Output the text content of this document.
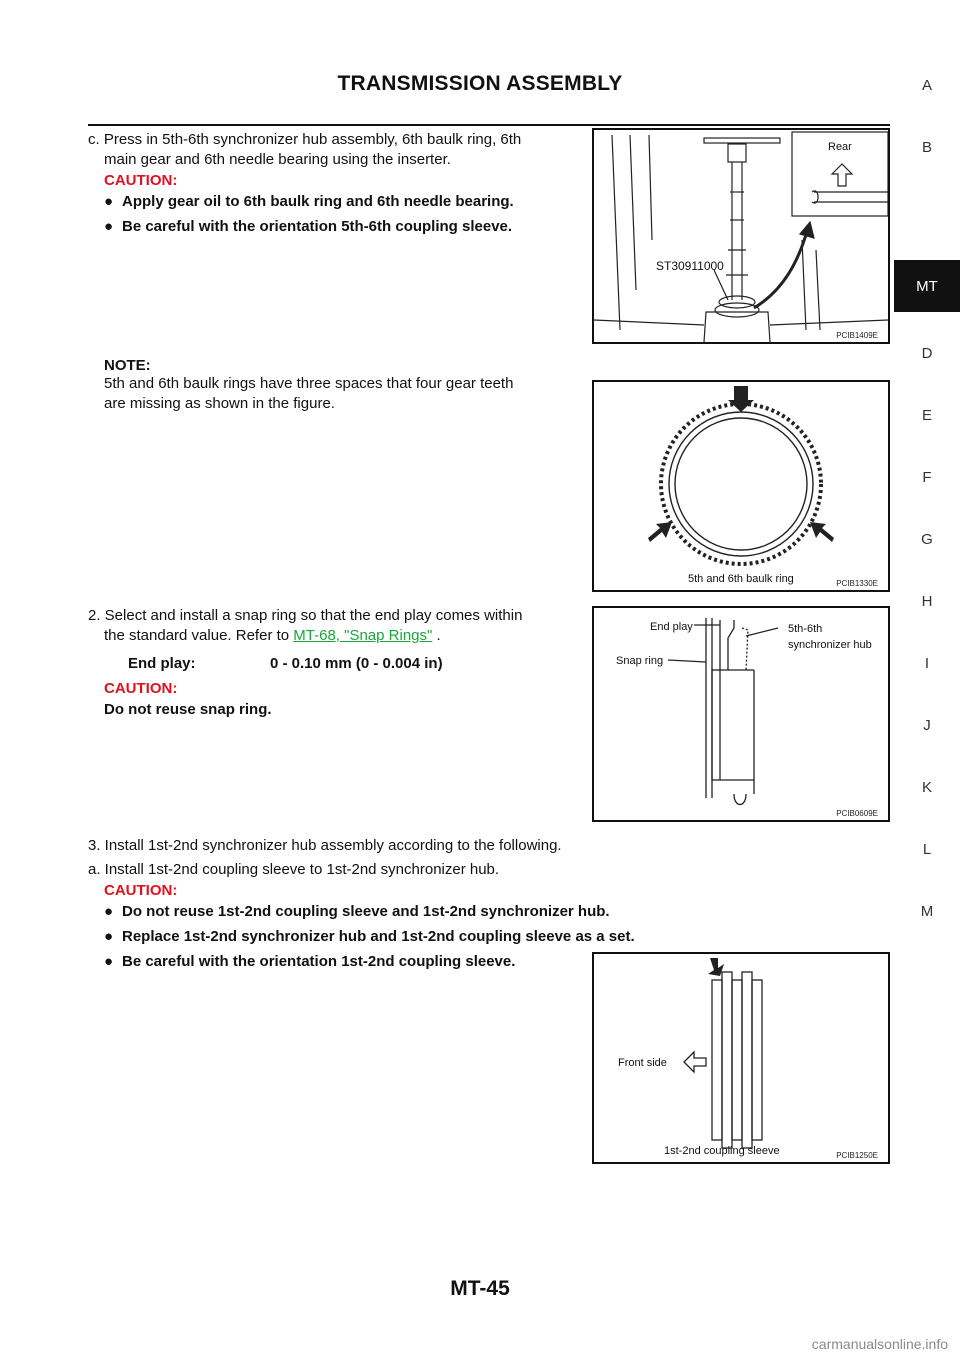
TRANSMISSION ASSEMBLY	A
B
MT
D
E
F
G
H
I
J
K
L
M
c. Press in 5th-6th synchronizer hub assembly, 6th baulk ring, 6th
main gear and 6th needle bearing using the inserter.
CAUTION:
● Apply gear oil to 6th baulk ring and 6th needle bearing.
● Be careful with the orientation 5th-6th coupling sleeve.
NOTE:
5th and 6th baulk rings have three spaces that four gear teeth
are missing as shown in the figure.
ST30911000
Rear
PCIB1409E
5th and 6th baulk ring	PCIB1330E
2. Select and install a snap ring so that the end play comes within
the standard value. Refer to MT-68, "Snap Rings" .
End play:	0 - 0.10 mm (0 - 0.004 in)
CAUTION:
Do not reuse snap ring.
End play
Snap ring
5th-6th
synchronizer hub
PCIB0609E
3. Install 1st-2nd synchronizer hub assembly according to the following.
a. Install 1st-2nd coupling sleeve to 1st-2nd synchronizer hub.
CAUTION:
● Do not reuse 1st-2nd coupling sleeve and 1st-2nd synchronizer hub.
● Replace 1st-2nd synchronizer hub and 1st-2nd coupling sleeve as a set.
● Be careful with the orientation 1st-2nd coupling sleeve.
Front side
1st-2nd coupling sleeve	PCIB1250E
MT-45
carmanualsonline.info
